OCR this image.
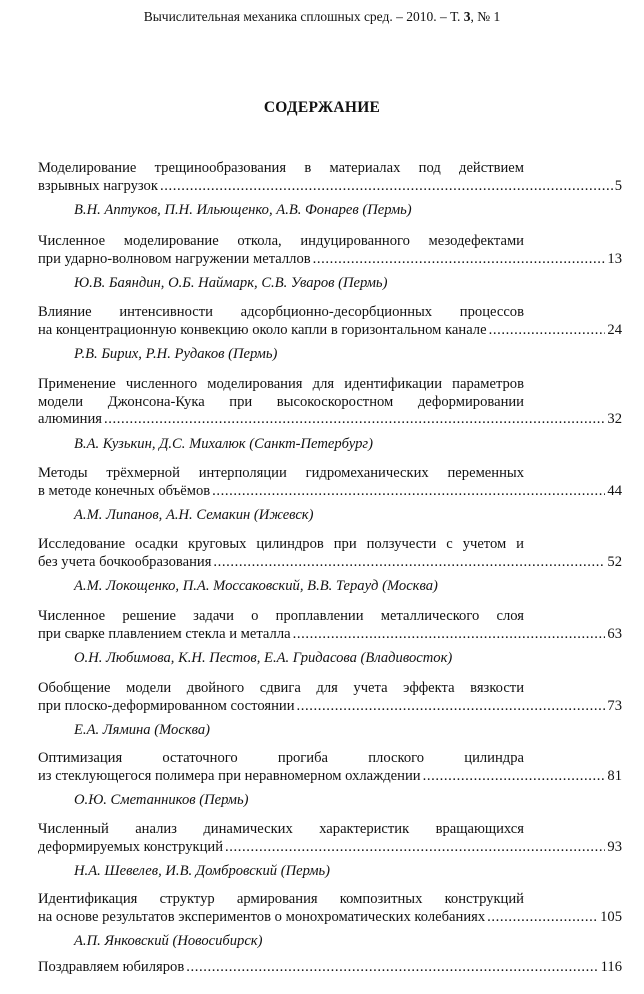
Вычислительная механика сплошных сред. – 2010. – Т. 3, № 1
СОДЕРЖАНИЕ
Моделирование трещинообразования в материалах под действием
взрывных нагрузок .....	5
В.Н. Аптуков, П.Н. Ильющенко, А.В. Фонарев (Пермь)
Численное моделирование откола, индуцированного мезодефектами
при ударно-волновом нагружении металлов .....	13
Ю.В. Баяндин, О.Б. Наймарк, С.В. Уваров (Пермь)
Влияние интенсивности адсорбционно-десорбционных процессов
на концентрационную конвекцию около капли в горизонтальном канале .....	24
Р.В. Бирих, Р.Н. Рудаков (Пермь)
Применение численного моделирования для идентификации параметров
модели Джонсона-Кука при высокоскоростном деформировании
алюминия .....	32
В.А. Кузькин, Д.С. Михалюк (Санкт-Петербург)
Методы трёхмерной интерполяции гидромеханических переменных
в методе конечных объёмов .....	44
А.М. Липанов, А.Н. Семакин (Ижевск)
Исследование осадки круговых цилиндров при ползучести с учетом и
без учета бочкообразования .....	52
А.М. Локощенко, П.А. Моссаковский, В.В. Тераyд (Москва)
Численное решение задачи о проплавлении металлического слоя
при сварке плавлением стекла и металла .....	63
О.Н. Любимова, К.Н. Пестов, Е.А. Гридасова (Владивосток)
Обобщение модели двойного сдвига для учета эффекта вязкости
при плоско-деформированном состоянии .....	73
Е.А. Лямина (Москва)
Оптимизация остаточного прогиба плоского цилиндра
из стеклующегося полимера при неравномерном охлаждении .....	81
О.Ю. Сметанников (Пермь)
Численный анализ динамических характеристик вращающихся
деформируемых конструкций .....	93
Н.А. Шевелев, И.В. Домбровский (Пермь)
Идентификация структур армирования композитных конструкций
на основе результатов экспериментов о монохроматических колебаниях .....	105
А.П. Янковский (Новосибирск)
Поздравляем юбиляров .....	116
